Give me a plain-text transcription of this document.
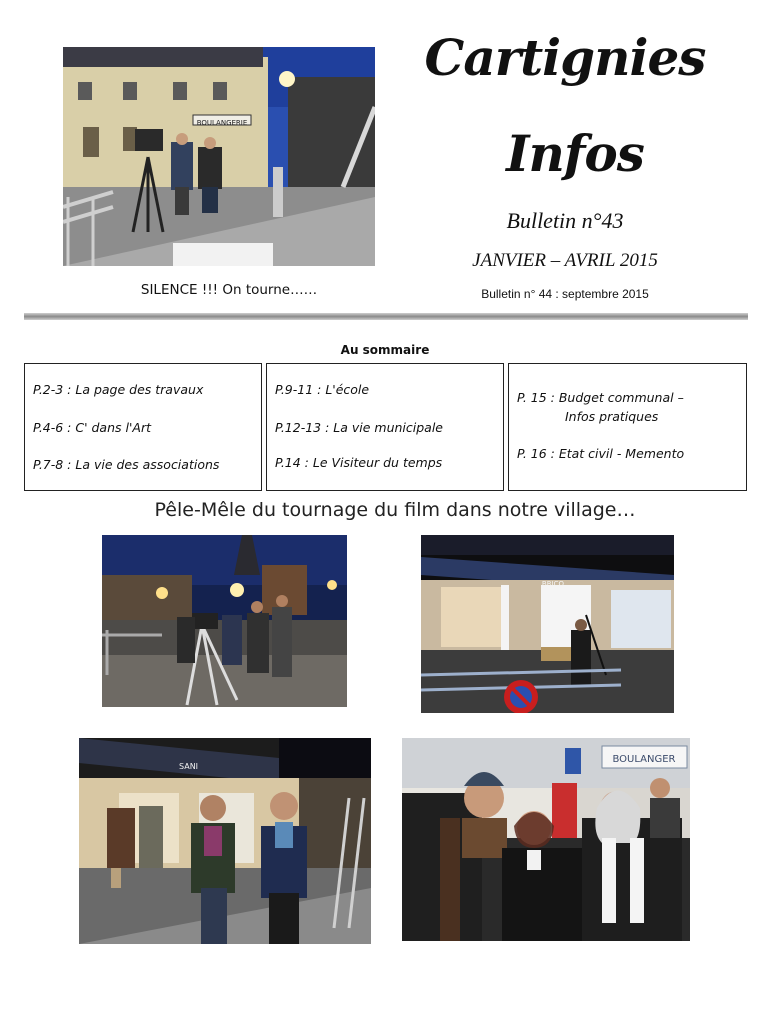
BOULANGERIE
Cartignies
Infos
Bulletin n°43
JANVIER – AVRIL 2015
Bulletin n° 44 : septembre 2015
SILENCE !!! On tourne……
Au sommaire
P.2-3 : La page des travaux
P.4-6 : C' dans l'Art
P.7-8 : La vie des associations
P.9-11 : L'école
P.12-13 : La vie municipale
P.14 : Le Visiteur du temps
P. 15 : Budget communal –
Infos pratiques
P. 16 : Etat civil - Memento
Pêle-Mêle du tournage du film dans notre village…
BRICO
SANI
BOULANGER
